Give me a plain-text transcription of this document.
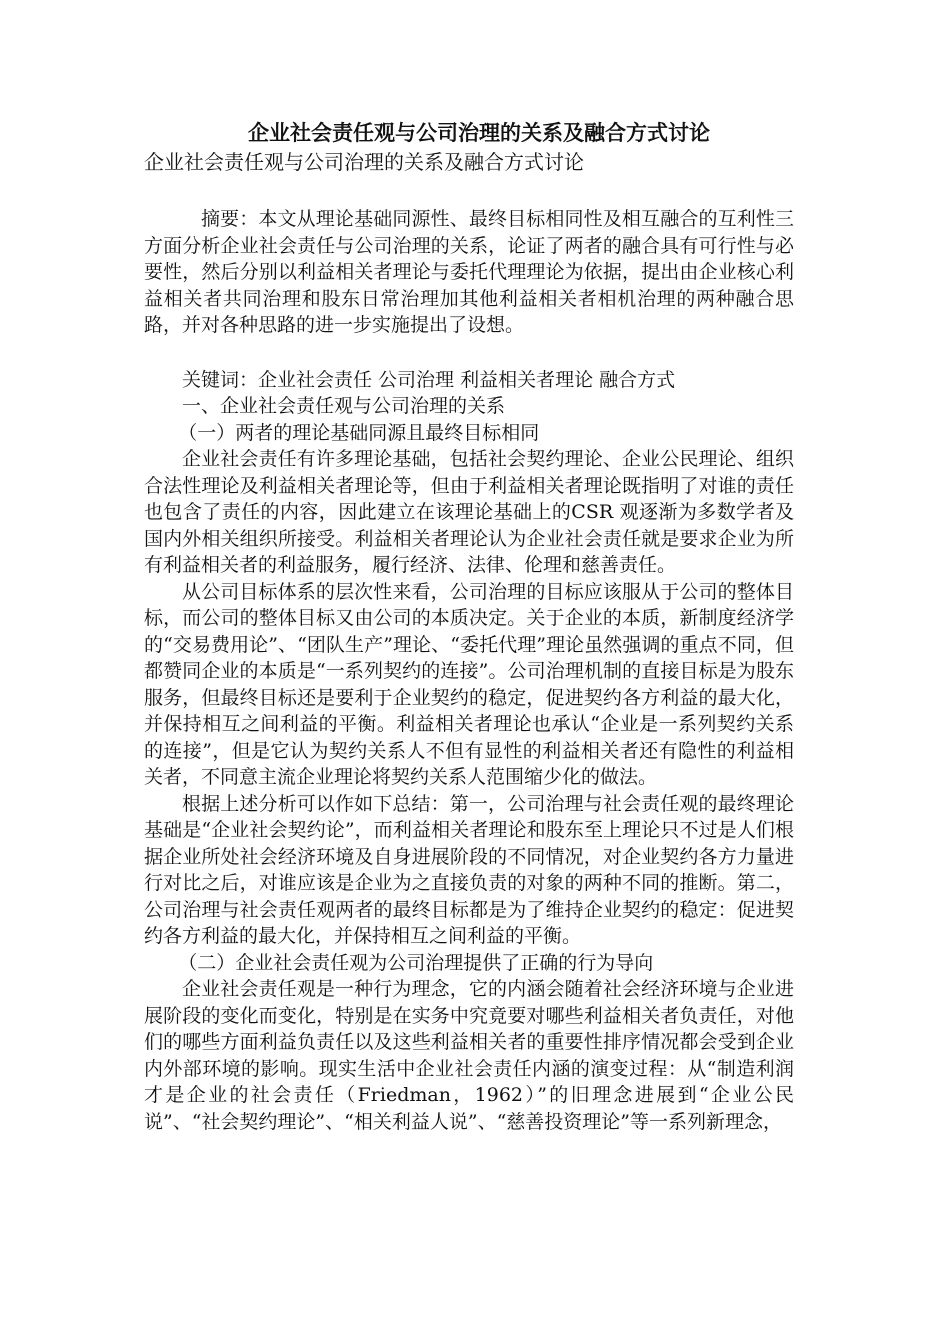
企业社会责任观与公司治理的关系及融合方式讨论
企业社会责任观与公司治理的关系及融合方式讨论

摘要：本文从理论基础同源性、最终目标相同性及相互融合的互利性三方面分析企业社会责任与公司治理的关系，论证了两者的融合具有可行性与必要性，然后分别以利益相关者理论与委托代理理论为依据，提出由企业核心利益相关者共同治理和股东日常治理加其他利益相关者相机治理的两种融合思路，并对各种思路的进一步实施提出了设想。

关键词：企业社会责任 公司治理 利益相关者理论 融合方式

一、企业社会责任观与公司治理的关系

（一）两者的理论基础同源且最终目标相同

企业社会责任有许多理论基础，包括社会契约理论、企业公民理论、组织合法性理论及利益相关者理论等，但由于利益相关者理论既指明了对谁的责任也包含了责任的内容，因此建立在该理论基础上的CSR 观逐渐为多数学者及国内外相关组织所接受。利益相关者理论认为企业社会责任就是要求企业为所有利益相关者的利益服务，履行经济、法律、伦理和慈善责任。

从公司目标体系的层次性来看，公司治理的目标应该服从于公司的整体目标，而公司的整体目标又由公司的本质决定。关于企业的本质，新制度经济学的“交易费用论”、“团队生产”理论、“委托代理”理论虽然强调的重点不同，但都赞同企业的本质是“一系列契约的连接”。公司治理机制的直接目标是为股东服务，但最终目标还是要利于企业契约的稳定，促进契约各方利益的最大化，并保持相互之间利益的平衡。利益相关者理论也承认“企业是一系列契约关系的连接”，但是它认为契约关系人不但有显性的利益相关者还有隐性的利益相关者，不同意主流企业理论将契约关系人范围缩少化的做法。

根据上述分析可以作如下总结：第一，公司治理与社会责任观的最终理论基础是“企业社会契约论”，而利益相关者理论和股东至上理论只不过是人们根据企业所处社会经济环境及自身进展阶段的不同情况，对企业契约各方力量进行对比之后，对谁应该是企业为之直接负责的对象的两种不同的推断。第二，公司治理与社会责任观两者的最终目标都是为了维持企业契约的稳定：促进契约各方利益的最大化，并保持相互之间利益的平衡。

（二）企业社会责任观为公司治理提供了正确的行为导向

企业社会责任观是一种行为理念，它的内涵会随着社会经济环境与企业进展阶段的变化而变化，特别是在实务中究竟要对哪些利益相关者负责任，对他们的哪些方面利益负责任以及这些利益相关者的重要性排序情况都会受到企业内外部环境的影响。现实生活中企业社会责任内涵的演变过程：从“制造利润才是企业的社会责任（Friedman，1962）”的旧理念进展到“企业公民说”、“社会契约理论”、“相关利益人说”、“慈善投资理论”等一系列新理念，
